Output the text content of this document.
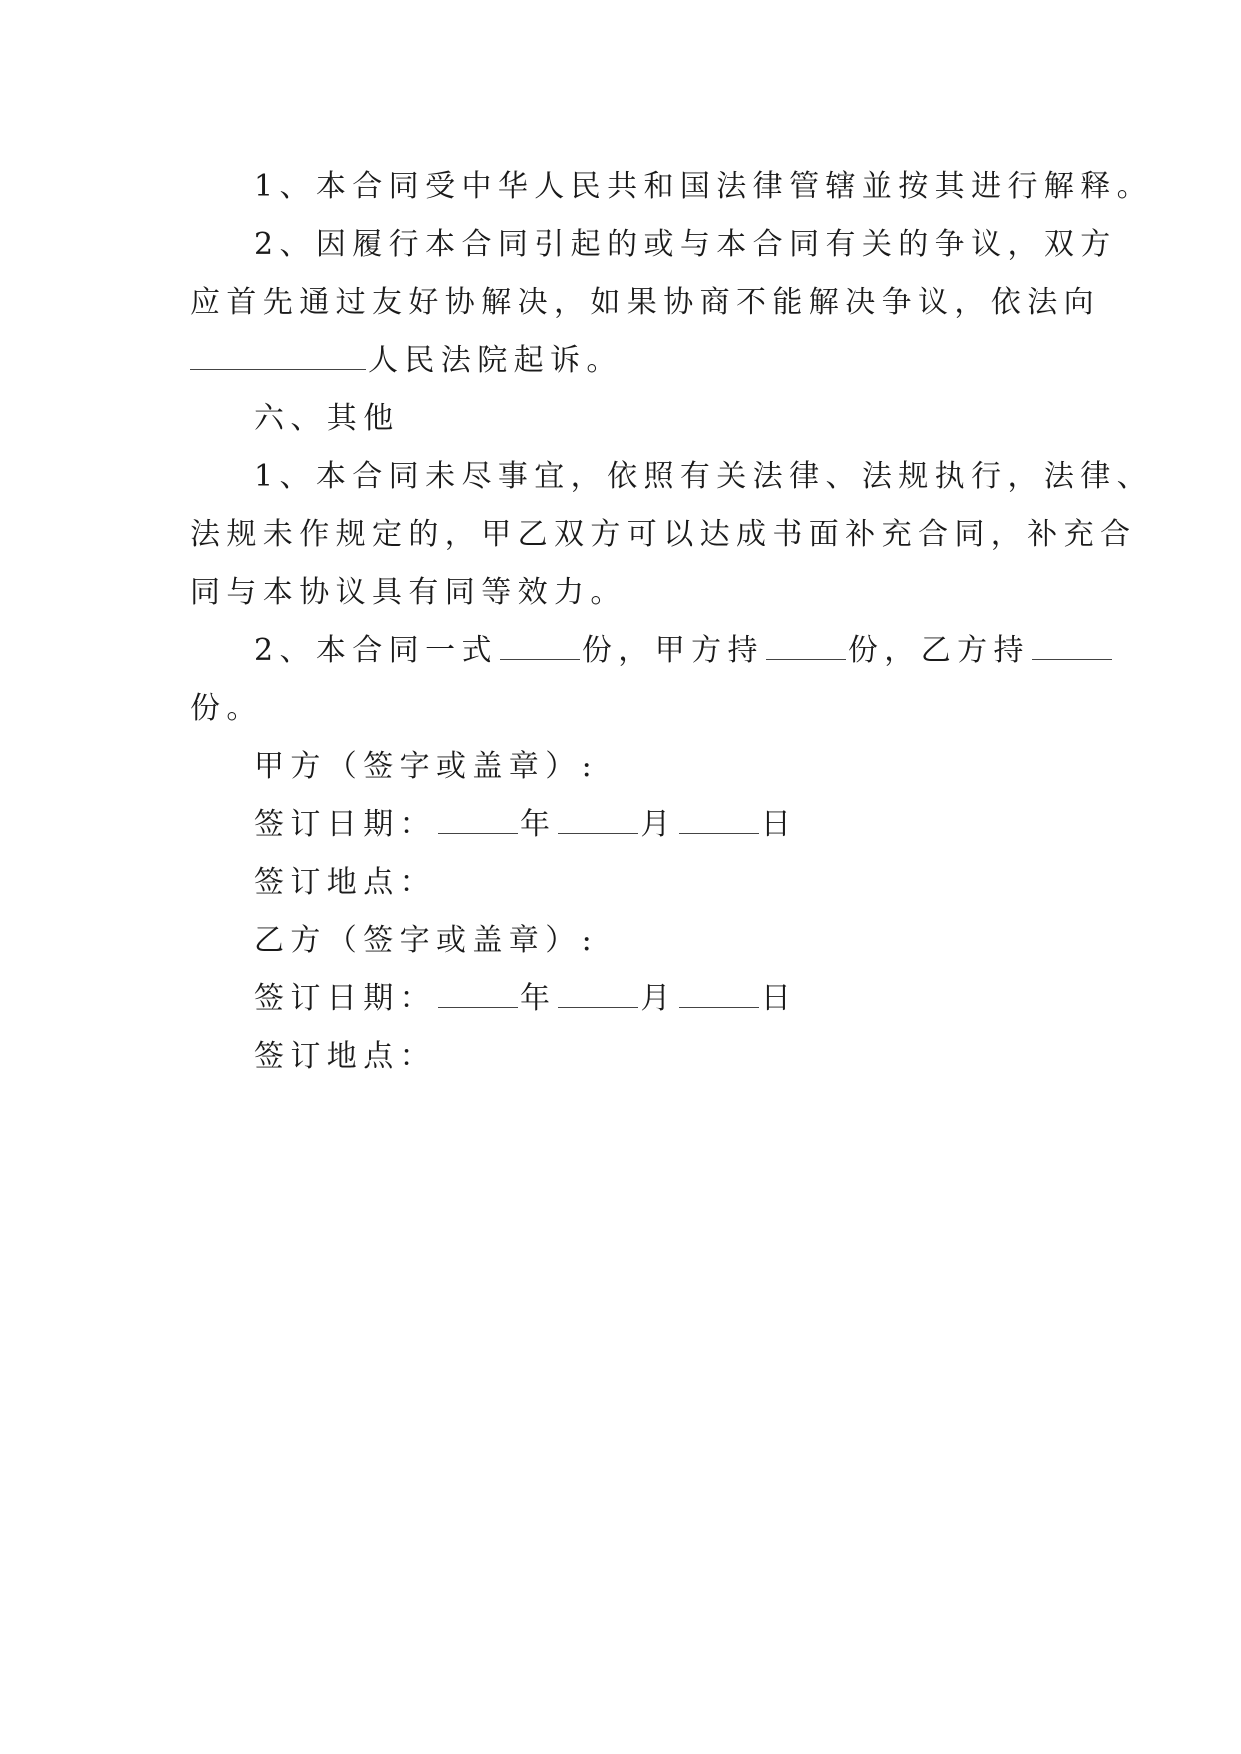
1、本合同受中华人民共和国法律管辖並按其进行解释。
2、因履行本合同引起的或与本合同有关的争议，双方
应首先通过友好协解决，如果协商不能解决争议，依法向
人民法院起诉。
六、其他
1、本合同未尽事宜，依照有关法律、法规执行，法律、
法规未作规定的，甲乙双方可以达成书面补充合同，补充合
同与本协议具有同等效力。
2、本合同一式	份，甲方持	份，乙方持
份。
甲方（签字或盖章）:
签订日期：	年	月	日
签订地点：
乙方（签字或盖章）:
签订日期：	年	月	日
签订地点：
